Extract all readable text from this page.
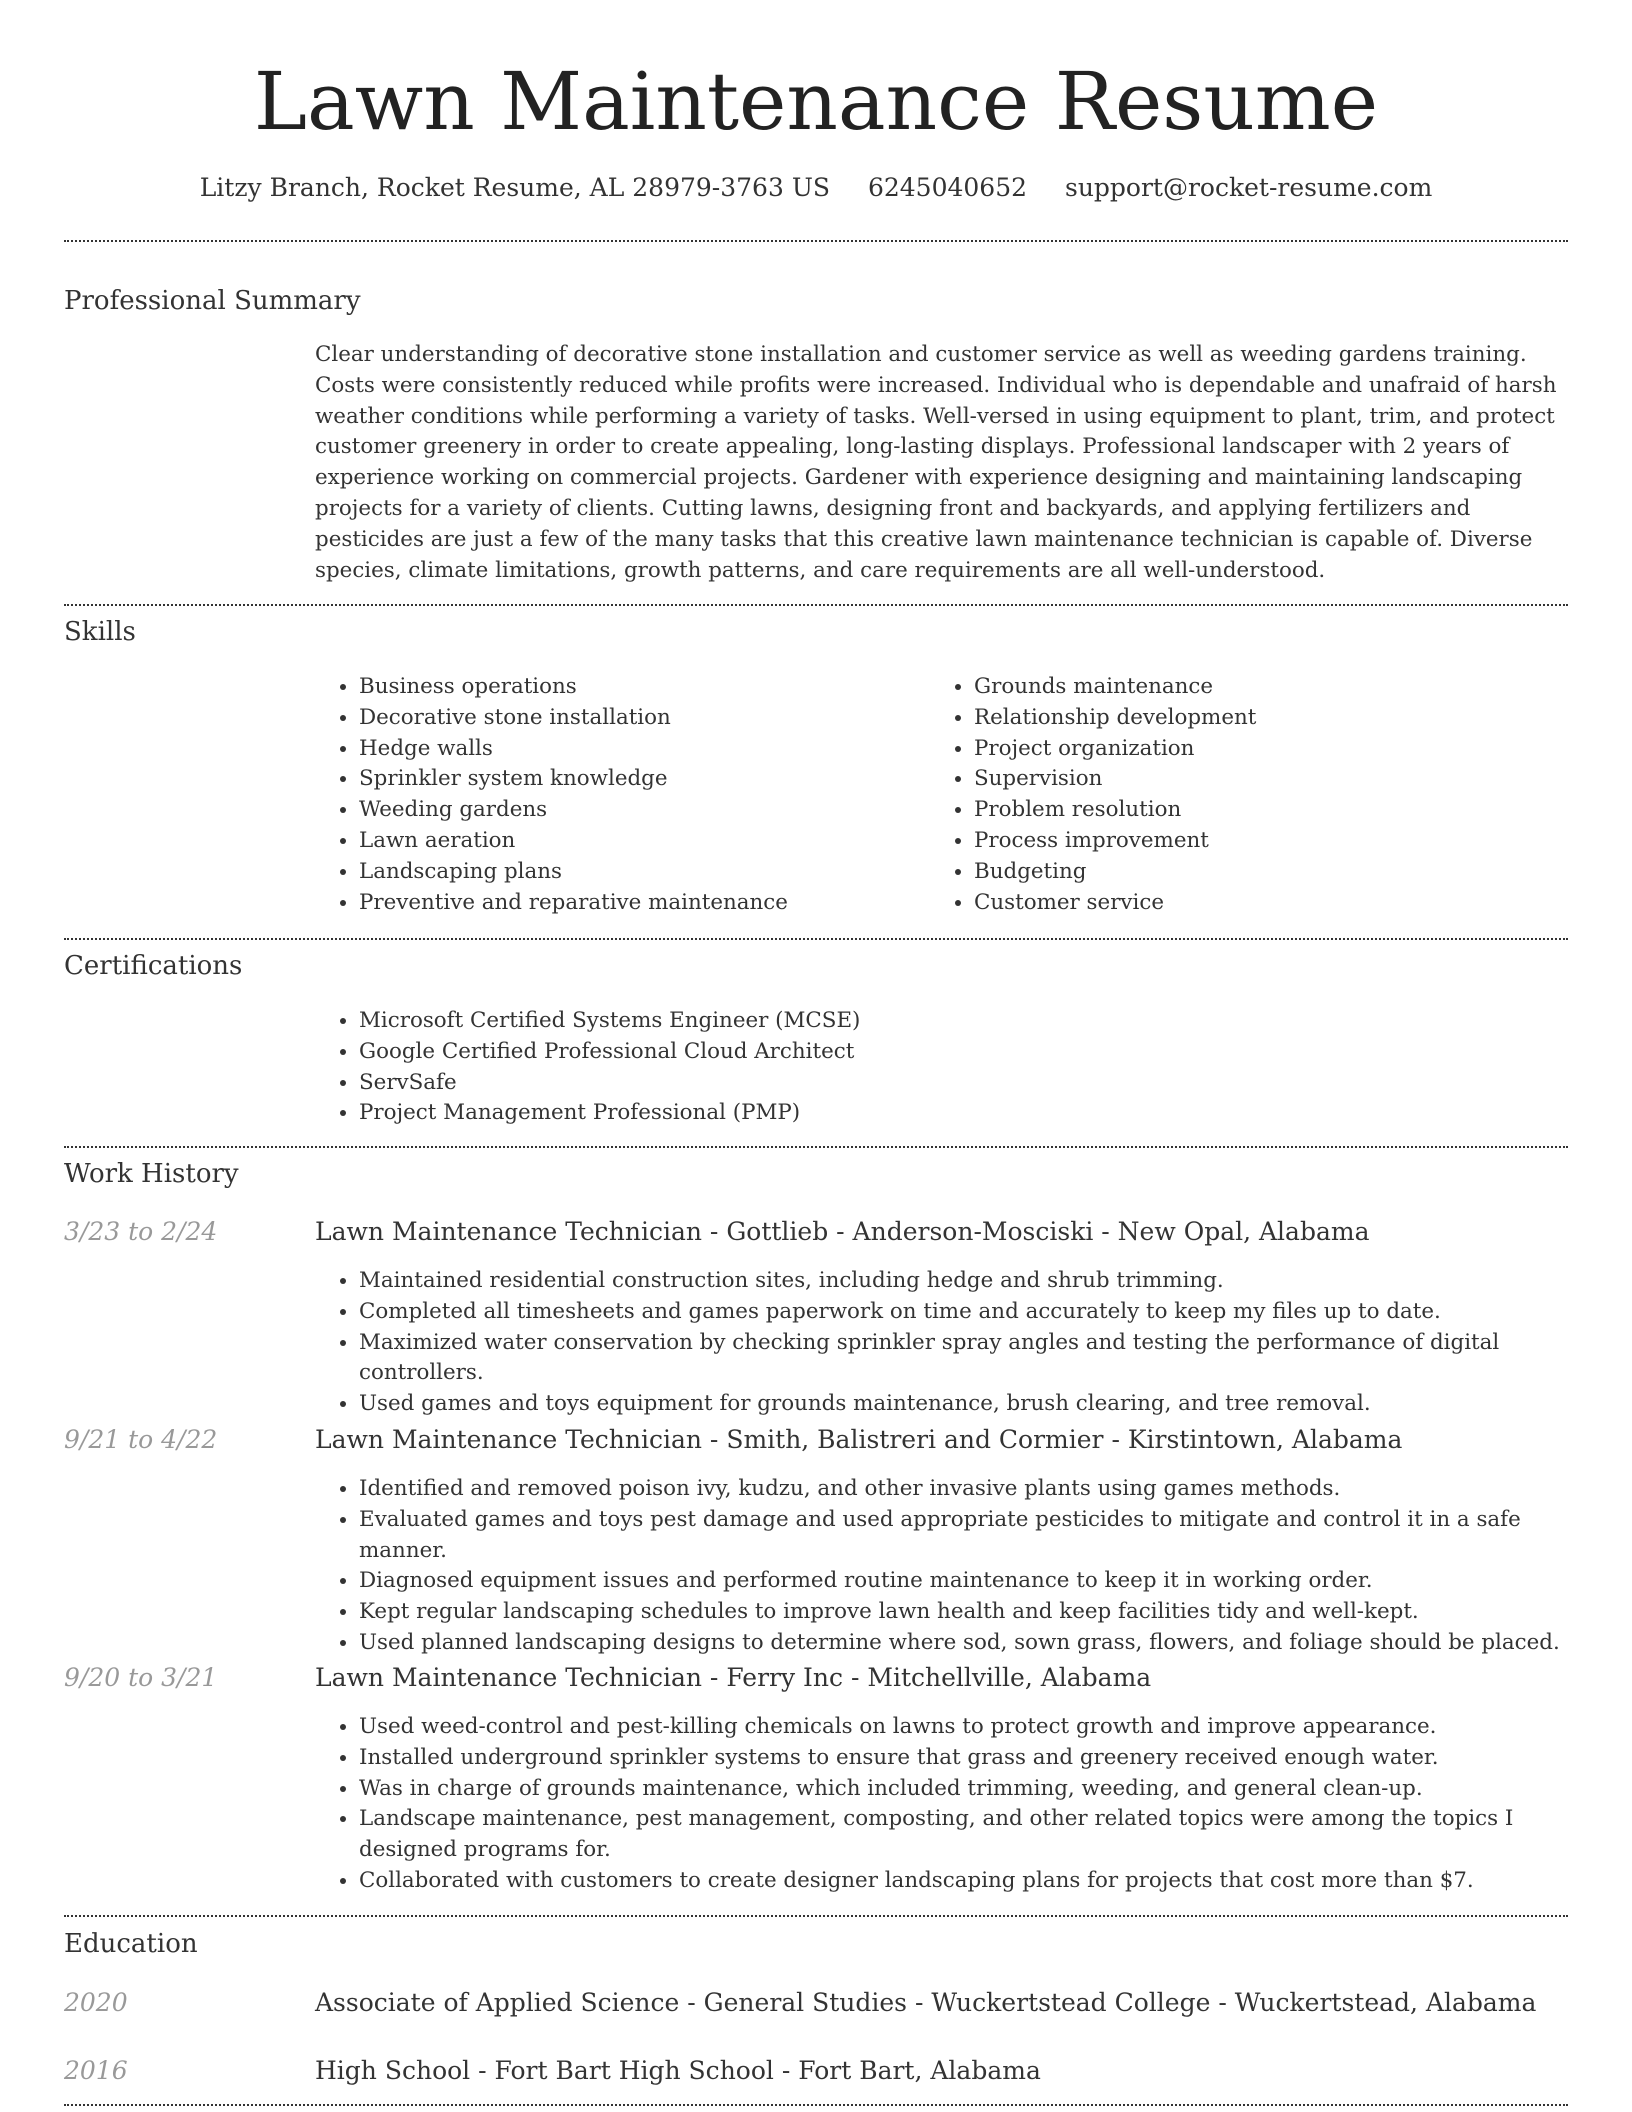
Lawn Maintenance Resume
Litzy Branch, Rocket Resume, AL 28979-3763 US 6245040652 support@rocket-resume.com
Professional Summary

Clear understanding of decorative stone installation and customer service as well as weeding gardens training. Costs were consistently reduced while profits were increased. Individual who is dependable and unafraid of harsh weather conditions while performing a variety of tasks. Well-versed in using equipment to plant, trim, and protect customer greenery in order to create appealing, long-lasting displays. Professional landscaper with 2 years of experience working on commercial projects. Gardener with experience designing and maintaining landscaping projects for a variety of clients. Cutting lawns, designing front and backyards, and applying fertilizers and pesticides are just a few of the many tasks that this creative lawn maintenance technician is capable of. Diverse species, climate limitations, growth patterns, and care requirements are all well-understood.

Skills
• Business operations
• Decorative stone installation
• Hedge walls
• Sprinkler system knowledge
• Weeding gardens
• Lawn aeration
• Landscaping plans
• Preventive and reparative maintenance
• Grounds maintenance
• Relationship development
• Project organization
• Supervision
• Problem resolution
• Process improvement
• Budgeting
• Customer service
Certifications
• Microsoft Certified Systems Engineer (MCSE)
• Google Certified Professional Cloud Architect
• ServSafe
• Project Management Professional (PMP)
Work History
3/23 to 2/24	Lawn Maintenance Technician - Gottlieb - Anderson-Mosciski - New Opal, Alabama
• Maintained residential construction sites, including hedge and shrub trimming.
• Completed all timesheets and games paperwork on time and accurately to keep my files up to date.
• Maximized water conservation by checking sprinkler spray angles and testing the performance of digital controllers.
• Used games and toys equipment for grounds maintenance, brush clearing, and tree removal.
9/21 to 4/22	Lawn Maintenance Technician - Smith, Balistreri and Cormier - Kirstintown, Alabama
• Identified and removed poison ivy, kudzu, and other invasive plants using games methods.
• Evaluated games and toys pest damage and used appropriate pesticides to mitigate and control it in a safe manner.
• Diagnosed equipment issues and performed routine maintenance to keep it in working order.
• Kept regular landscaping schedules to improve lawn health and keep facilities tidy and well-kept.
• Used planned landscaping designs to determine where sod, sown grass, flowers, and foliage should be placed.
9/20 to 3/21	Lawn Maintenance Technician - Ferry Inc - Mitchellville, Alabama
• Used weed-control and pest-killing chemicals on lawns to protect growth and improve appearance.
• Installed underground sprinkler systems to ensure that grass and greenery received enough water.
• Was in charge of grounds maintenance, which included trimming, weeding, and general clean-up.
• Landscape maintenance, pest management, composting, and other related topics were among the topics I designed programs for.
• Collaborated with customers to create designer landscaping plans for projects that cost more than $7.
Education
2020	Associate of Applied Science - General Studies - Wuckertstead College - Wuckertstead, Alabama
2016	High School - Fort Bart High School - Fort Bart, Alabama
